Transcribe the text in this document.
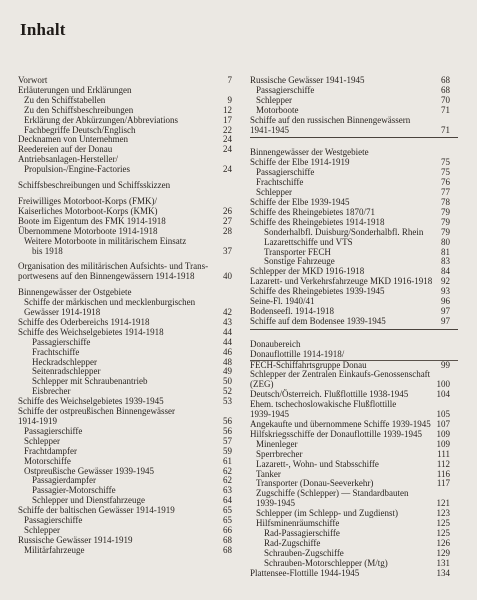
Inhalt
Vorwort	7
Erläuterungen und Erklärungen
Zu den Schiffstabellen	9
Zu den Schiffsbeschreibungen	12
Erklärung der Abkürzungen/Abbreviations	17
Fachbegriffe Deutsch/Englisch	22
Decknamen von Unternehmen	24
Reedereien auf der Donau	24
Antriebsanlagen-Hersteller/
Propulsion-/Engine-Factories	24
Schiffsbeschreibungen und Schiffsskizzen
Freiwilliges Motorboot-Korps (FMK)/
Kaiserliches Motorboot-Korps (KMK)	26
Boote im Eigentum des FMK 1914-1918	27
Übernommene Motorboote 1914-1918	28
Weitere Motorboote in militärischem Einsatz
bis 1918	37
Organisation des militärischen Aufsichts- und Trans-
portwesens auf den Binnengewässern 1914-1918	40
Binnengewässer der Ostgebiete
Schiffe der märkischen und mecklenburgischen
Gewässer 1914-1918	42
Schiffe des Oderbereichs 1914-1918	43
Schiffe des Weichselgebietes 1914-1918	44
Passagierschiffe	44
Frachtschiffe	46
Heckradschlepper	48
Seitenradschlepper	49
Schlepper mit Schraubenantrieb	50
Eisbrecher	52
Schiffe des Weichselgebietes 1939-1945	53
Schiffe der ostpreußischen Binnengewässer
1914-1919	56
Passagierschiffe	56
Schlepper	57
Frachtdampfer	59
Motorschiffe	61
Ostpreußische Gewässer 1939-1945	62
Passagierdampfer	62
Passagier-Motorschiffe	63
Schlepper und Dienstfahrzeuge	64
Schiffe der baltischen Gewässer 1914-1919	65
Passagierschiffe	65
Schlepper	66
Russische Gewässer 1914-1919	68
Militärfahrzeuge	68
Russische Gewässer 1941-1945	68
Passagierschiffe	68
Schlepper	70
Motorboote	71
Schiffe auf den russischen Binnengewässern
1941-1945	71
Binnengewässer der Westgebiete
Schiffe der Elbe 1914-1919	75
Passagierschiffe	75
Frachtschiffe	76
Schlepper	77
Schiffe der Elbe 1939-1945	78
Schiffe des Rheingebietes 1870/71	79
Schiffe des Rheingebietes 1914-1918	79
Sonderhalbfl. Duisburg/Sonderhalbfl. Rhein	79
Lazarettschiffe und VTS	80
Transporter FECH	81
Sonstige Fahrzeuge	83
Schlepper der MKD 1916-1918	84
Lazarett- und Verkehrsfahrzeuge MKD 1916-1918 92
Schiffe des Rheingebietes 1939-1945	93
Seine-Fl. 1940/41	96
Bodenseefl. 1914-1918	97
Schiffe auf dem Bodensee 1939-1945	97
Donaubereich
Donauflottille 1914-1918/
FECH-Schiffahrtsgruppe Donau	99
Schlepper der Zentralen Einkaufs-Genossenschaft
(ZEG)	100
Deutsch/Österreich. Flußflottille 1938-1945	104
Ehem. tschechoslowakische Flußflottille
1939-1945	105
Angekaufte und übernommene Schiffe 1939-1945 107
Hilfskriegsschiffe der Donauflottille 1939-1945	109
Minenleger	109
Sperrbrecher	111
Lazarett-, Wohn- und Stabsschiffe	112
Tanker	116
Transporter (Donau-Seeverkehr)	117
Zugschiffe (Schlepper) — Standardbauten
1939-1945	121
Schlepper (im Schlepp- und Zugdienst)	123
Hilfsminenräumschiffe	125
Rad-Passagierschiffe	125
Rad-Zugschiffe	126
Schrauben-Zugschiffe	129
Schrauben-Motorschlepper (M/tg)	131
Plattensee-Flottille 1944-1945	134
